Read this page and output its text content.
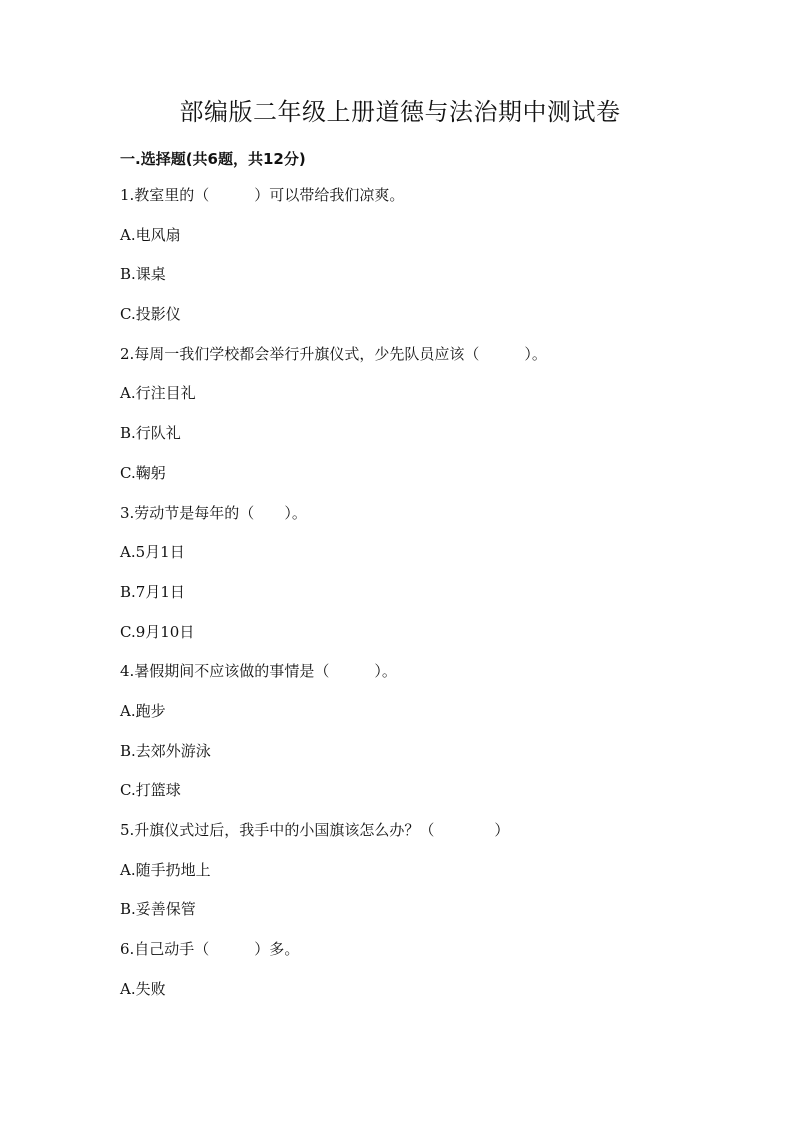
部编版二年级上册道德与法治期中测试卷
一.选择题(共6题，共12分)
1.教室里的（　　　）可以带给我们凉爽。
A.电风扇
B.课桌
C.投影仪
2.每周一我们学校都会举行升旗仪式，少先队员应该（　　　）。
A.行注目礼
B.行队礼
C.鞠躬
3.劳动节是每年的（　　）。
A.5月1日
B.7月1日
C.9月10日
4.暑假期间不应该做的事情是（　　　）。
A.跑步
B.去郊外游泳
C.打篮球
5.升旗仪式过后，我手中的小国旗该怎么办？（　　　　）
A.随手扔地上
B.妥善保管
6.自己动手（　　　）多。
A.失败
